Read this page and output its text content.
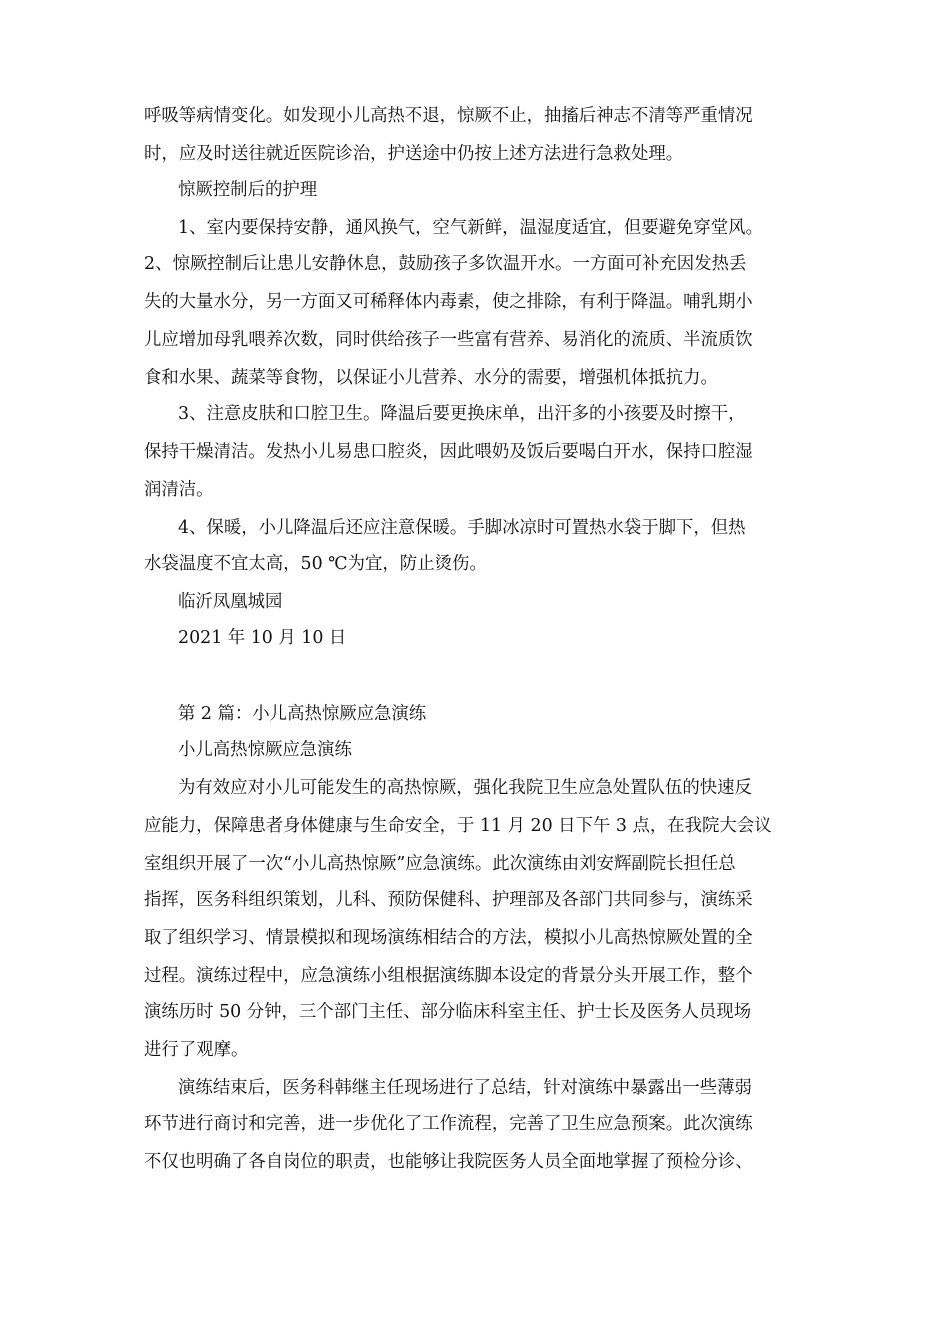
呼吸等病情变化。如发现小儿高热不退，惊厥不止，抽搐后神志不清等严重情况
时，应及时送往就近医院诊治，护送途中仍按上述方法进行急救处理。
惊厥控制后的护理
1、室内要保持安静，通风换气，空气新鲜，温湿度适宜，但要避免穿堂风。
2、惊厥控制后让患儿安静休息，鼓励孩子多饮温开水。一方面可补充因发热丢
失的大量水分，另一方面又可稀释体内毒素，使之排除，有利于降温。哺乳期小
儿应增加母乳喂养次数，同时供给孩子一些富有营养、易消化的流质、半流质饮
食和水果、蔬菜等食物，以保证小儿营养、水分的需要，增强机体抵抗力。
3、注意皮肤和口腔卫生。降温后要更换床单，出汗多的小孩要及时擦干，
保持干燥清洁。发热小儿易患口腔炎，因此喂奶及饭后要喝白开水，保持口腔湿
润清洁。
4、保暖，小儿降温后还应注意保暖。手脚冰凉时可置热水袋于脚下，但热
水袋温度不宜太高，50 ℃为宜，防止烫伤。
临沂凤凰城园
2021 年 10 月 10 日
第 2 篇：小儿高热惊厥应急演练
小儿高热惊厥应急演练
为有效应对小儿可能发生的高热惊厥，强化我院卫生应急处置队伍的快速反
应能力，保障患者身体健康与生命安全，于 11 月 20 日下午 3 点，在我院大会议
室组织开展了一次“小儿高热惊厥”应急演练。此次演练由刘安辉副院长担任总
指挥，医务科组织策划，儿科、预防保健科、护理部及各部门共同参与，演练采
取了组织学习、情景模拟和现场演练相结合的方法，模拟小儿高热惊厥处置的全
过程。演练过程中，应急演练小组根据演练脚本设定的背景分头开展工作，整个
演练历时 50 分钟，三个部门主任、部分临床科室主任、护士长及医务人员现场
进行了观摩。
演练结束后，医务科韩继主任现场进行了总结，针对演练中暴露出一些薄弱
环节进行商讨和完善，进一步优化了工作流程，完善了卫生应急预案。此次演练
不仅也明确了各自岗位的职责，也能够让我院医务人员全面地掌握了预检分诊、
